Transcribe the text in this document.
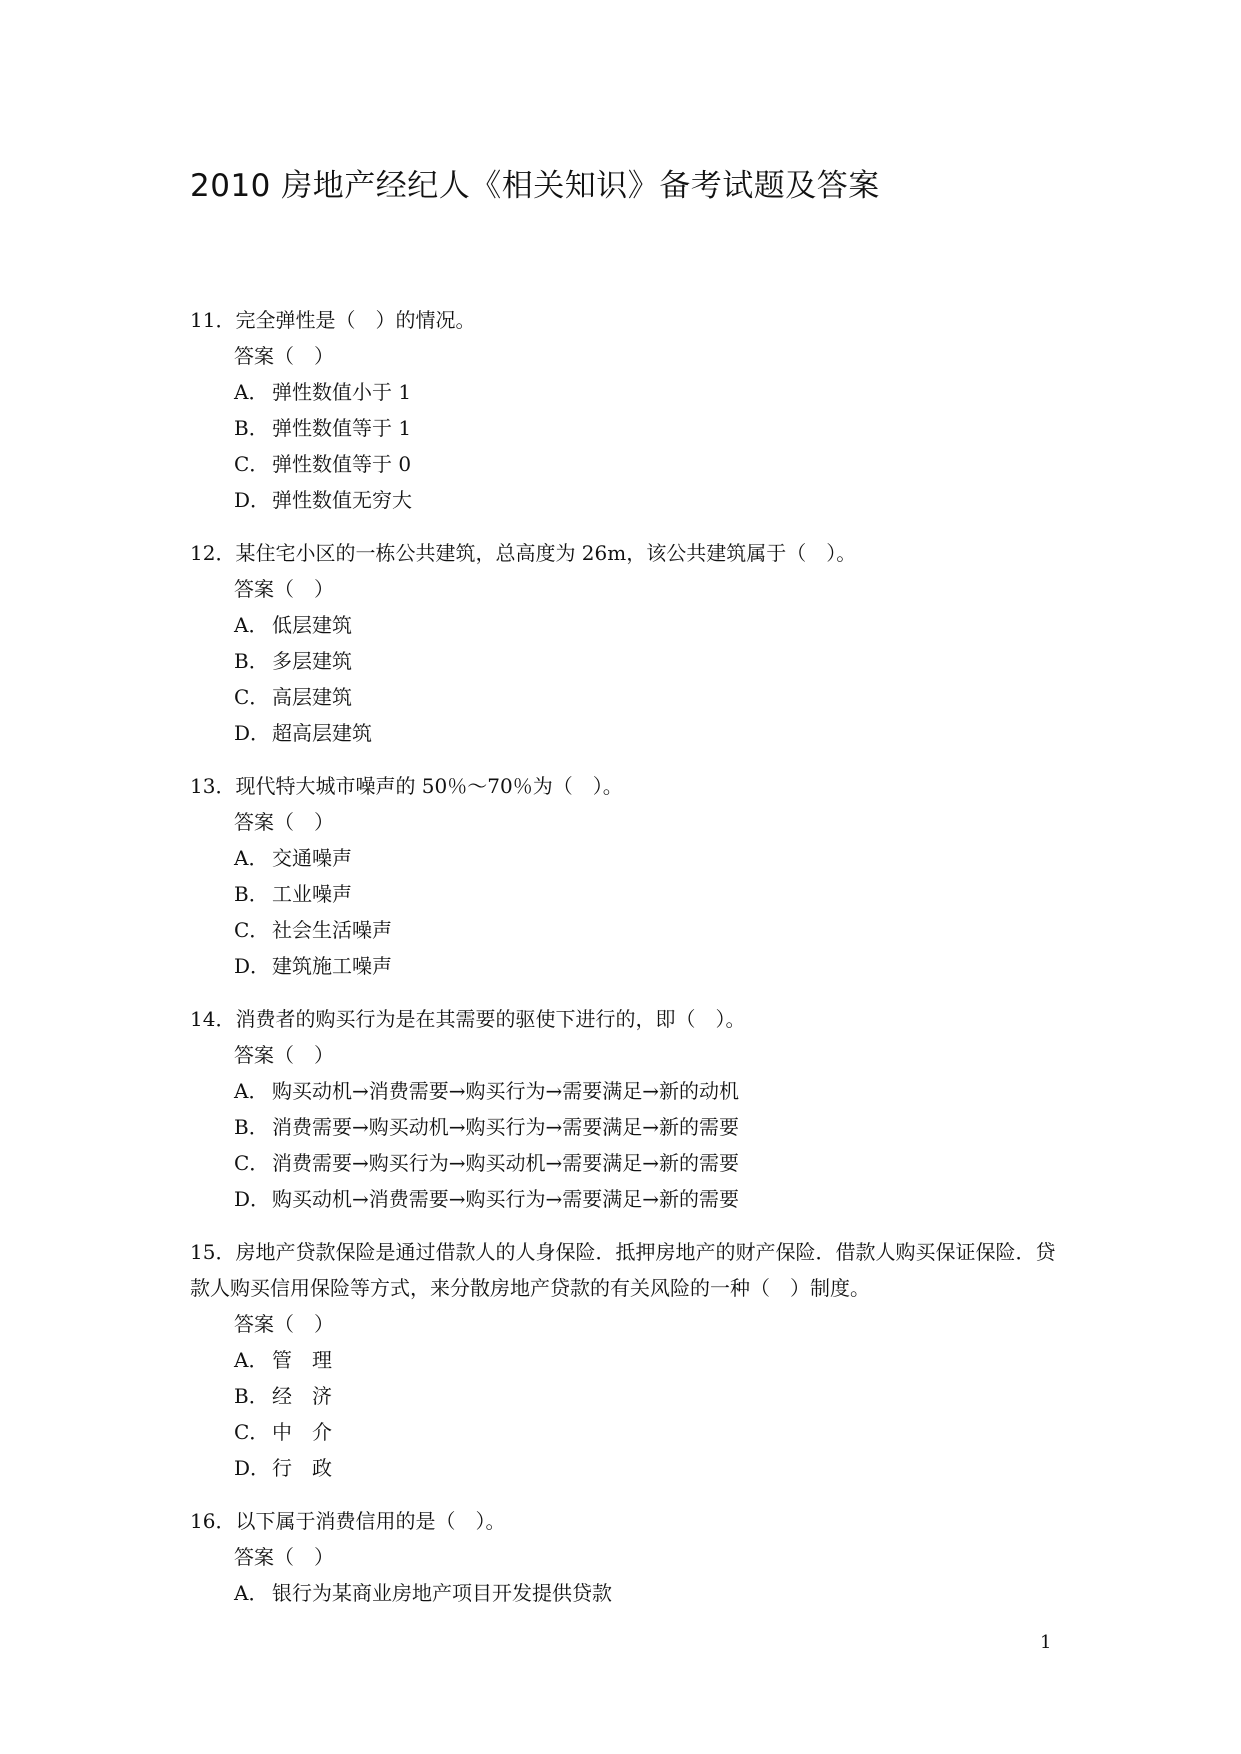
2010 房地产经纪人《相关知识》备考试题及答案
11．完全弹性是（　）的情况。
答案（　）
A． 弹性数值小于 1
B． 弹性数值等于 1
C． 弹性数值等于 0
D．弹性数值无穷大
12．某住宅小区的一栋公共建筑，总高度为 26m，该公共建筑属于（　）。
答案（　）
A． 低层建筑
B． 多层建筑
C． 高层建筑
D．超高层建筑
13．现代特大城市噪声的 50％～70％为（　）。
答案（　）
A． 交通噪声
B． 工业噪声
C． 社会生活噪声
D．建筑施工噪声
14．消费者的购买行为是在其需要的驱使下进行的，即（　）。
答案（　）
A． 购买动机→消费需要→购买行为→需要满足→新的动机
B． 消费需要→购买动机→购买行为→需要满足→新的需要
C． 消费需要→购买行为→购买动机→需要满足→新的需要
D．购买动机→消费需要→购买行为→需要满足→新的需要
15．房地产贷款保险是通过借款人的人身保险．抵押房地产的财产保险．借款人购买保证保险．贷款人购买信用保险等方式，来分散房地产贷款的有关风险的一种（　）制度。
答案（　）
A． 管　理
B． 经　济
C． 中　介
D．行　政
16．以下属于消费信用的是（　）。
答案（　）
A． 银行为某商业房地产项目开发提供贷款
1
